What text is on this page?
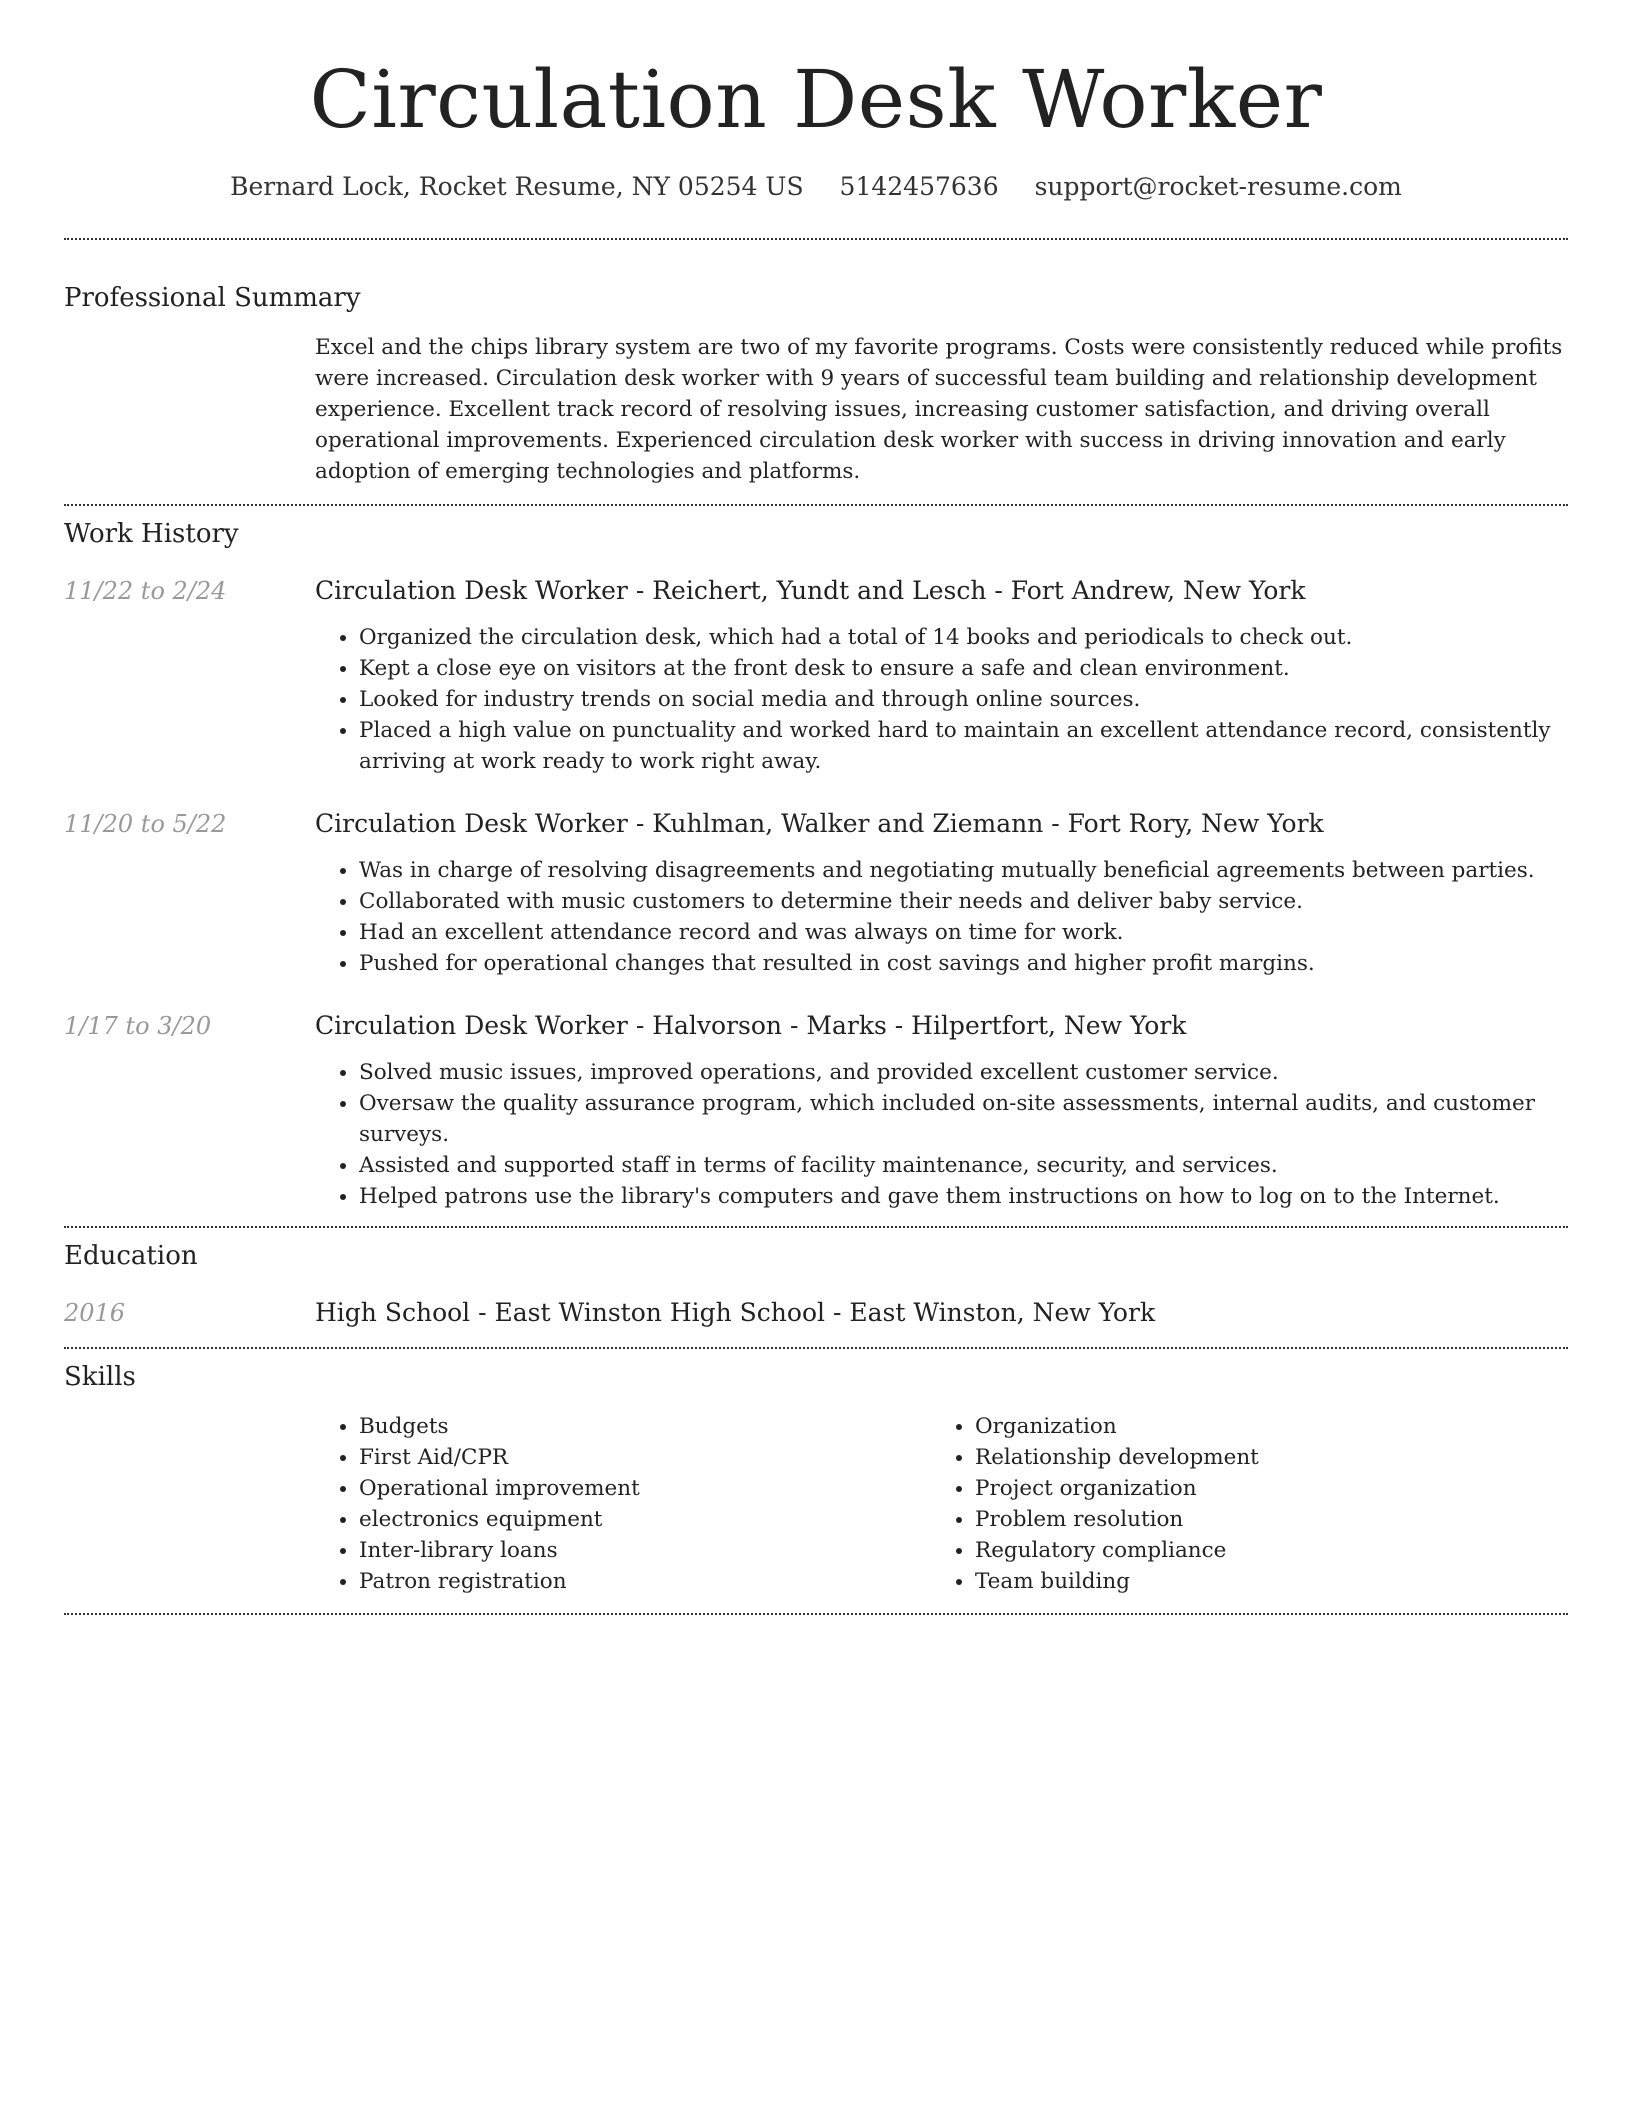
Circulation Desk Worker
Bernard Lock, Rocket Resume, NY 05254 US 5142457636 support@rocket-resume.com
Professional Summary
Excel and the chips library system are two of my favorite programs. Costs were consistently reduced while profits were increased. Circulation desk worker with 9 years of successful team building and relationship development experience. Excellent track record of resolving issues, increasing customer satisfaction, and driving overall operational improvements. Experienced circulation desk worker with success in driving innovation and early adoption of emerging technologies and platforms.
Work History
11/22 to 2/24	Circulation Desk Worker - Reichert, Yundt and Lesch - Fort Andrew, New York
• Organized the circulation desk, which had a total of 14 books and periodicals to check out.
• Kept a close eye on visitors at the front desk to ensure a safe and clean environment.
• Looked for industry trends on social media and through online sources.
• Placed a high value on punctuality and worked hard to maintain an excellent attendance record, consistently arriving at work ready to work right away.
11/20 to 5/22	Circulation Desk Worker - Kuhlman, Walker and Ziemann - Fort Rory, New York
• Was in charge of resolving disagreements and negotiating mutually beneficial agreements between parties.
• Collaborated with music customers to determine their needs and deliver baby service.
• Had an excellent attendance record and was always on time for work.
• Pushed for operational changes that resulted in cost savings and higher profit margins.
1/17 to 3/20	Circulation Desk Worker - Halvorson - Marks - Hilpertfort, New York
• Solved music issues, improved operations, and provided excellent customer service.
• Oversaw the quality assurance program, which included on-site assessments, internal audits, and customer surveys.
• Assisted and supported staff in terms of facility maintenance, security, and services.
• Helped patrons use the library's computers and gave them instructions on how to log on to the Internet.
Education
2016	High School - East Winston High School - East Winston, New York
Skills
• Budgets
• First Aid/CPR
• Operational improvement
• electronics equipment
• Inter-library loans
• Patron registration
• Organization
• Relationship development
• Project organization
• Problem resolution
• Regulatory compliance
• Team building
